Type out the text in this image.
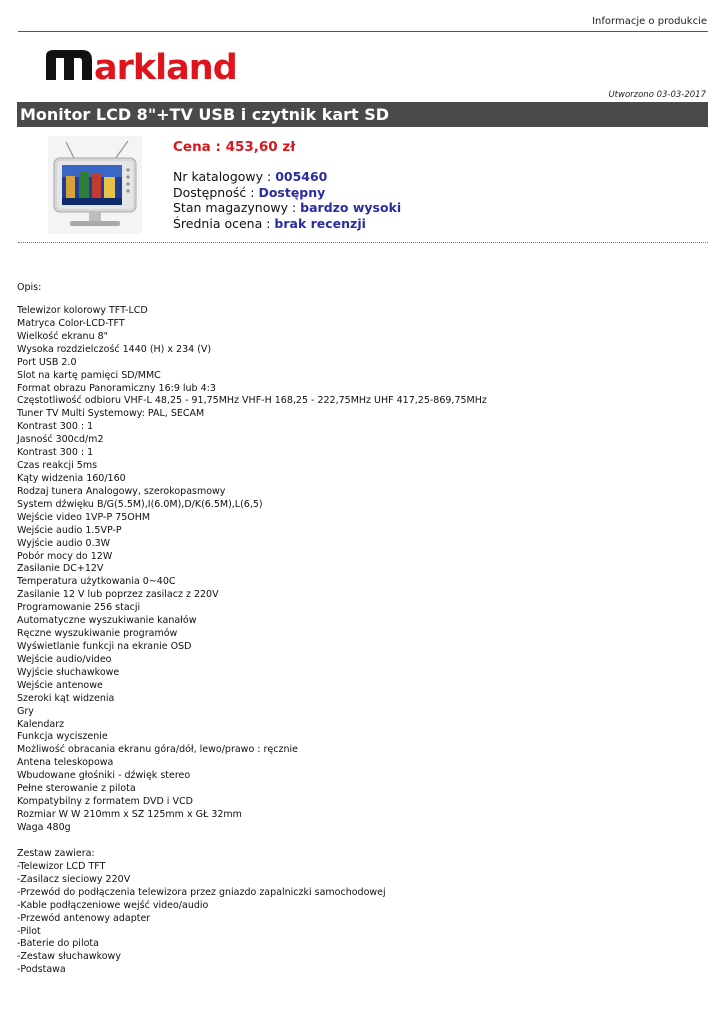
Informacje o produkcie
arkland
Utworzono 03-03-2017
Monitor LCD 8"+TV USB i czytnik kart SD

Cena : 453,60 zł

Nr katalogowy : 005460
Dostępność : Dostępny
Stan magazynowy : bardzo wysoki
Średnia ocena : brak recenzji
Opis:
Telewizor kolorowy TFT-LCD
Matryca Color-LCD-TFT
Wielkość ekranu 8"
Wysoka rozdzielczość 1440 (H) x 234 (V)
Port USB 2.0
Slot na kartę pamięci SD/MMC
Format obrazu Panoramiczny 16:9 lub 4:3
Częstotliwość odbioru VHF-L 48,25 - 91,75MHz VHF-H 168,25 - 222,75MHz UHF 417,25-869,75MHz
Tuner TV Multi Systemowy: PAL, SECAM
Kontrast 300 : 1
Jasność 300cd/m2
Kontrast 300 : 1
Czas reakcji 5ms
Kąty widzenia 160/160
Rodzaj tunera Analogowy, szerokopasmowy
System dźwięku B/G(5.5M),I(6.0M),D/K(6.5M),L(6,5)
Wejście video 1VP-P 75OHM
Wejście audio 1.5VP-P
Wyjście audio 0.3W
Pobór mocy do 12W
Zasilanie DC+12V
Temperatura użytkowania 0~40C
Zasilanie 12 V lub poprzez zasilacz z 220V
Programowanie 256 stacji
Automatyczne wyszukiwanie kanałów
Ręczne wyszukiwanie programów
Wyświetlanie funkcji na ekranie OSD
Wejście audio/video
Wyjście słuchawkowe
Wejście antenowe
Szeroki kąt widzenia
Gry
Kalendarz
Funkcja wyciszenie
Możliwość obracania ekranu góra/dół, lewo/prawo : ręcznie
Antena teleskopowa
Wbudowane głośniki - dźwięk stereo
Pełne sterowanie z pilota
Kompatybilny z formatem DVD i VCD
Rozmiar W W 210mm x SZ 125mm x GŁ 32mm
Waga 480g
Zestaw zawiera:
-Telewizor LCD TFT
-Zasilacz sieciowy 220V
-Przewód do podłączenia telewizora przez gniazdo zapalniczki samochodowej
-Kable podłączeniowe wejść video/audio
-Przewód antenowy adapter
-Pilot
-Baterie do pilota
-Zestaw słuchawkowy
-Podstawa
